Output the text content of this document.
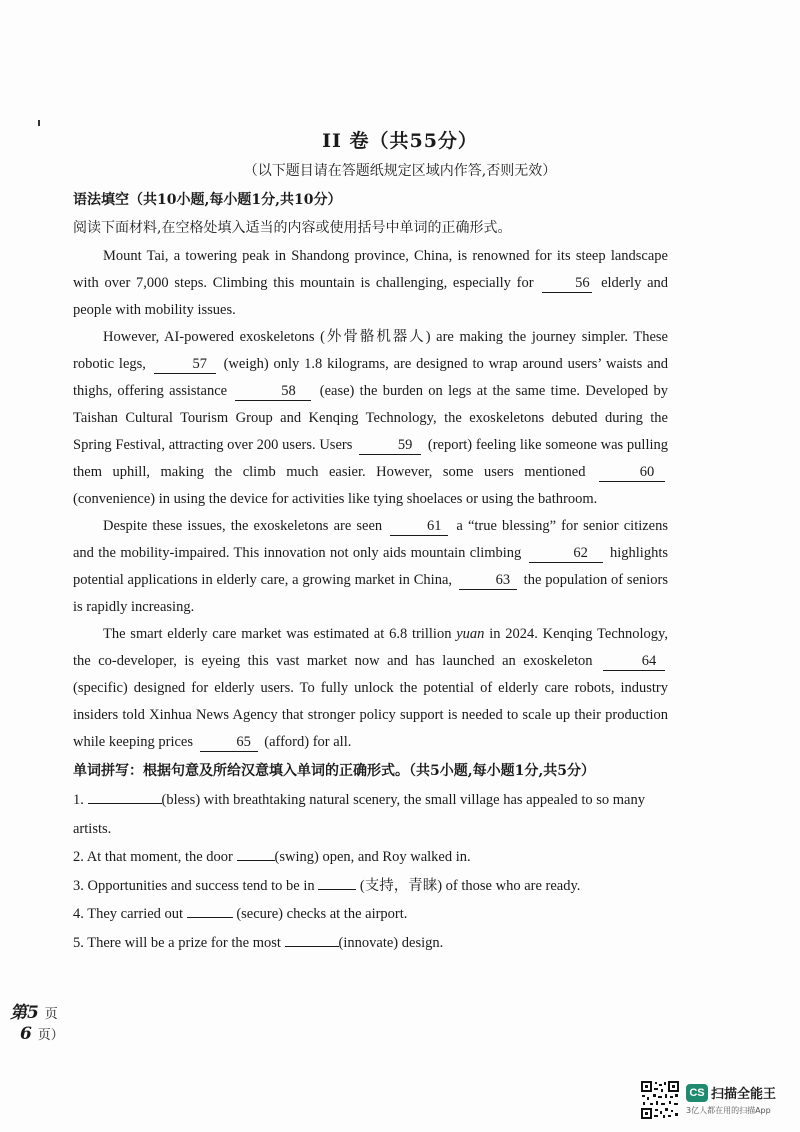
II 卷（共55分）
（以下题目请在答题纸规定区域内作答,否则无效）
语法填空（共10小题,每小题1分,共10分）
阅读下面材料,在空格处填入适当的内容或使用括号中单词的正确形式。

Mount Tai, a towering peak in Shandong province, China, is renowned for its steep landscape with over 7,000 steps. Climbing this mountain is challenging, especially for	56 elderly and people with mobility issues.

However, AI-powered exoskeletons (外骨骼机器人) are making the journey simpler. These robotic legs,	57 (weigh) only 1.8 kilograms, are designed to wrap around users’ waists and thighs, offering assistance	58 (ease) the burden on legs at the same time. Developed by Taishan Cultural Tourism Group and Kenqing Technology, the exoskeletons debuted during the Spring Festival, attracting over 200 users. Users	59 (report) feeling like someone was pulling them uphill, making the climb much easier. However, some users mentioned	60 (convenience) in using the device for activities like tying shoelaces or using the bathroom.

Despite these issues, the exoskeletons are seen	61 a “true blessing” for senior citizens and the mobility-impaired. This innovation not only aids mountain climbing	62 highlights potential applications in elderly care, a growing market in China,	63 the population of seniors is rapidly increasing.

The smart elderly care market was estimated at 6.8 trillion yuan in 2024. Kenqing Technology, the co-developer, is eyeing this vast market now and has launched an exoskeleton	64 (specific) designed for elderly users. To fully unlock the potential of elderly care robots, industry insiders told Xinhua News Agency that stronger policy support is needed to scale up their production while keeping prices	65 (afford) for all.

单词拼写：根据句意及所给汉意填入单词的正确形式。（共5小题,每小题1分,共5分）

1.	(bless) with breathtaking natural scenery, the small village has appealed to so many artists.

2. At that moment, the door	(swing) open, and Roy walked in.

3. Opportunities and success tend to be in	(支持，青睐) of those who are ready.

4. They carried out	(secure) checks at the airport.

5. There will be a prize for the most	(innovate) design.

第5 页
6 页）
CS 扫描全能王
3亿人都在用的扫描App
